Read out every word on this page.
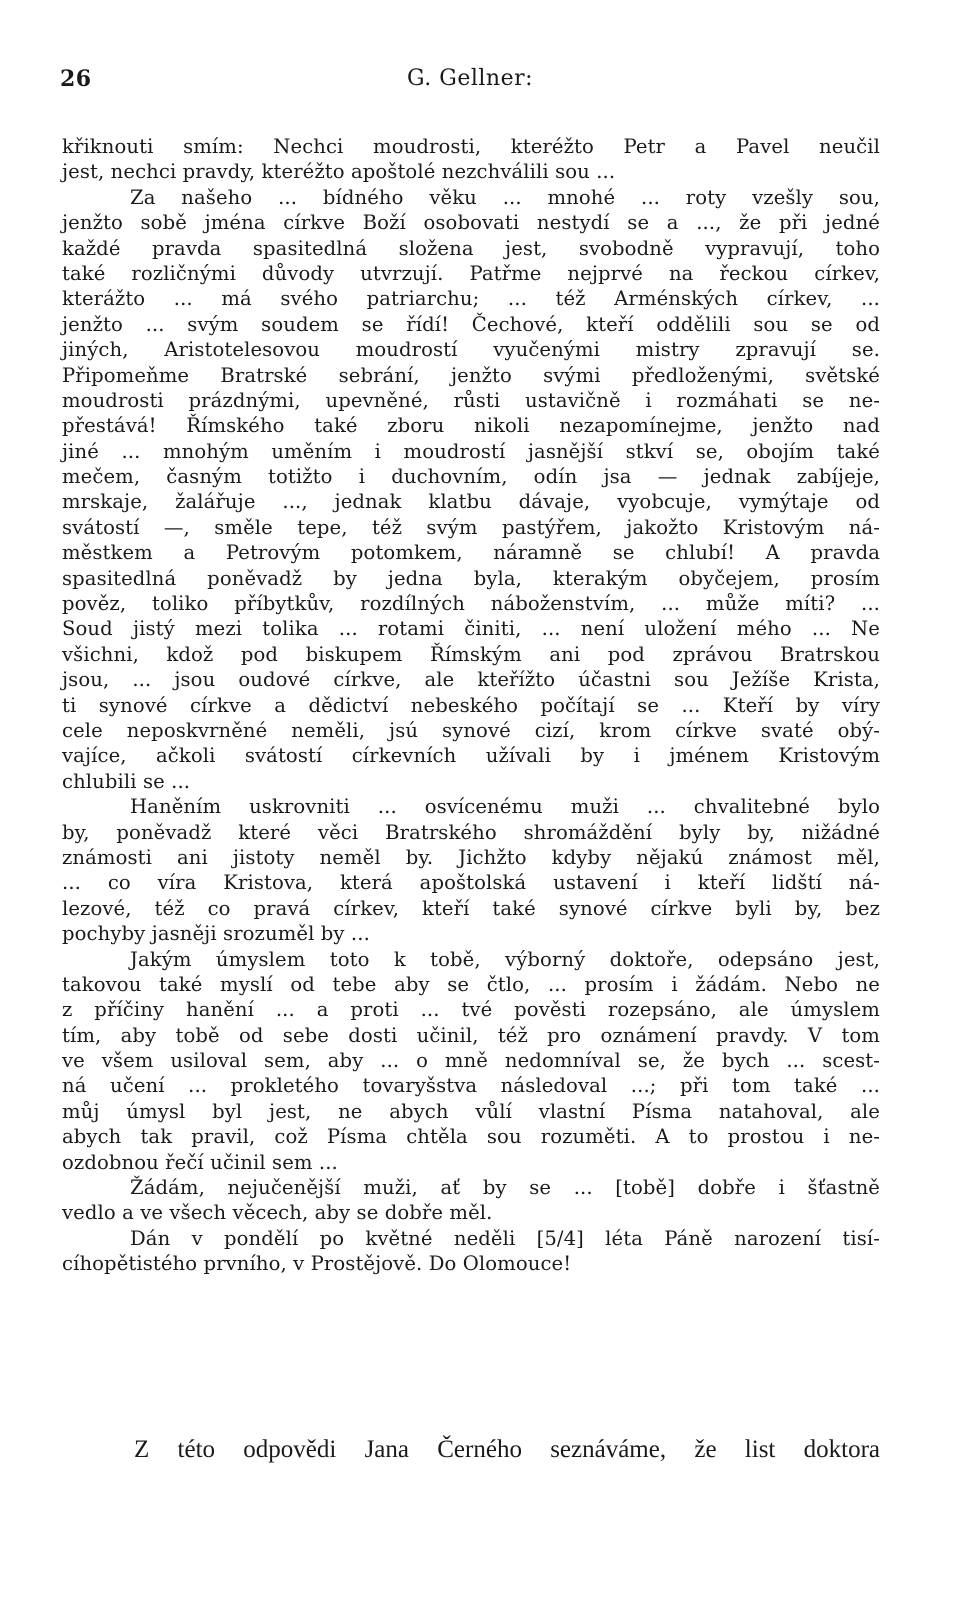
26	G. Gellner:
křiknouti smím: Nechci moudrosti, kteréžto Petr a Pavel neučil
jest, nechci pravdy, kteréžto apoštolé nezchválili sou ...
Za našeho ... bídného věku ... mnohé ... roty vzešly sou,
jenžto sobě jména církve Boží osobovati nestydí se a ..., že při jedné
každé pravda spasitedlná složena jest, svobodně vypravují, toho
také rozličnými důvody utvrzují. Patřme nejprvé na řeckou církev,
kterážto ... má svého patriarchu; ... též Arménských církev, ...
jenžto ... svým soudem se řídí! Čechové, kteří oddělili sou se od
jiných, Aristotelesovou moudrostí vyučenými mistry zpravují se.
Připomeňme Bratrské sebrání, jenžto svými předloženými, světské
moudrosti prázdnými, upevněné, růsti ustavičně i rozmáhati se ne-
přestává! Římského také zboru nikoli nezapomínejme, jenžto nad
jiné ... mnohým uměním i moudrostí jasnější stkví se, obojím také
mečem, časným totižto i duchovním, odín jsa — jednak zabíjeje,
mrskaje, žalářuje ..., jednak klatbu dávaje, vyobcuje, vymýtaje od
svátostí —, směle tepe, též svým pastýřem, jakožto Kristovým ná-
městkem a Petrovým potomkem, náramně se chlubí! A pravda
spasitedlná poněvadž by jedna byla, kterakým obyčejem, prosím
pověz, toliko příbytkův, rozdílných náboženstvím, ... může míti? ...
Soud jistý mezi tolika ... rotami činiti, ... není uložení mého ... Ne
všichni, kdož pod biskupem Římským ani pod zprávou Bratrskou
jsou, ... jsou oudové církve, ale kteřížto účastni sou Ježíše Krista,
ti synové církve a dědictví nebeského počítají se ... Kteří by víry
cele neposkvrněné neměli, jsú synové cizí, krom církve svaté obý-
vajíce, ačkoli svátostí církevních užívali by i jménem Kristovým
chlubili se ...
Haněním uskrovniti ... osvícenému muži ... chvalitebné bylo
by, poněvadž které věci Bratrského shromáždění byly by, nižádné
známosti ani jistoty neměl by. Jichžto kdyby nějakú známost měl,
... co víra Kristova, která apoštolská ustavení i kteří lidští ná-
lezové, též co pravá církev, kteří také synové církve byli by, bez
pochyby jasněji srozuměl by ...
Jakým úmyslem toto k tobě, výborný doktoře, odepsáno jest,
takovou také myslí od tebe aby se čtlo, ... prosím i žádám. Nebo ne
z příčiny hanění ... a proti ... tvé pověsti rozepsáno, ale úmyslem
tím, aby tobě od sebe dosti učinil, též pro oznámení pravdy. V tom
ve všem usiloval sem, aby ... o mně nedomníval se, že bych ... scest-
ná učení ... prokletého tovaryšstva následoval ...; při tom také ...
můj úmysl byl jest, ne abych vůlí vlastní Písma natahoval, ale
abych tak pravil, což Písma chtěla sou rozuměti. A to prostou i ne-
ozdobnou řečí učinil sem ...
Žádám, nejučenější muži, ať by se ... [tobě] dobře i šťastně
vedlo a ve všech věcech, aby se dobře měl.
Dán v pondělí po květné neděli [5/4] léta Páně narození tisí-
cíhopětistého prvního, v Prostějově. Do Olomouce!
Z této odpovědi Jana Černého seznáváme, že list doktora
